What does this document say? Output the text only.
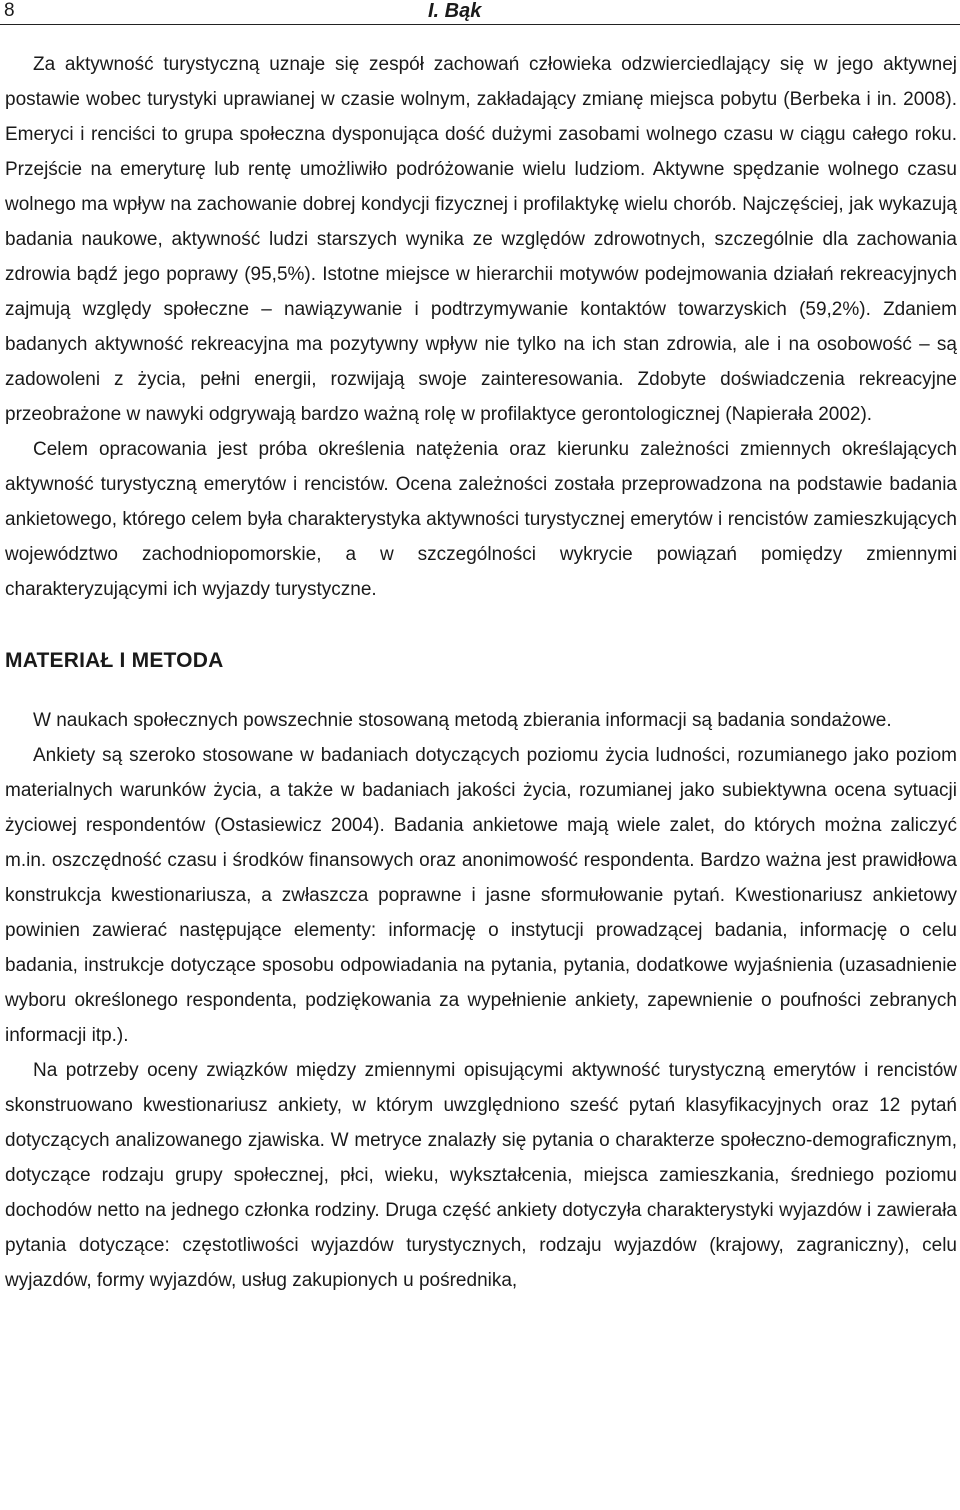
8	I. Bąk

Za aktywność turystyczną uznaje się zespół zachowań człowieka odzwierciedlający się w jego aktywnej postawie wobec turystyki uprawianej w czasie wolnym, zakładający zmianę miejsca pobytu (Berbeka i in. 2008). Emeryci i renciści to grupa społeczna dysponująca dość dużymi zasobami wolnego czasu w ciągu całego roku. Przejście na emeryturę lub rentę umożliwiło podróżowanie wielu ludziom. Aktywne spędzanie wolnego czasu wolnego ma wpływ na zachowanie dobrej kondycji fizycznej i profilaktykę wielu chorób. Najczęściej, jak wykazują badania naukowe, aktywność ludzi starszych wynika ze względów zdrowotnych, szczególnie dla zachowania zdrowia bądź jego poprawy (95,5%). Istotne miejsce w hierarchii motywów podejmowania działań rekreacyjnych zajmują względy społeczne – nawiązywanie i podtrzymywanie kontaktów towarzyskich (59,2%). Zdaniem badanych aktywność rekreacyjna ma pozytywny wpływ nie tylko na ich stan zdrowia, ale i na osobowość – są zadowoleni z życia, pełni energii, rozwijają swoje zainteresowania. Zdobyte doświadczenia rekreacyjne przeobrażone w nawyki odgrywają bardzo ważną rolę w profilaktyce gerontologicznej (Napierała 2002).

Celem opracowania jest próba określenia natężenia oraz kierunku zależności zmiennych określających aktywność turystyczną emerytów i rencistów. Ocena zależności została przeprowadzona na podstawie badania ankietowego, którego celem była charakterystyka aktywności turystycznej emerytów i rencistów zamieszkujących województwo zachodniopomorskie, a w szczególności wykrycie powiązań pomiędzy zmiennymi charakteryzującymi ich wyjazdy turystyczne.

MATERIAŁ I METODA

W naukach społecznych powszechnie stosowaną metodą zbierania informacji są badania sondażowe.

Ankiety są szeroko stosowane w badaniach dotyczących poziomu życia ludności, rozumianego jako poziom materialnych warunków życia, a także w badaniach jakości życia, rozumianej jako subiektywna ocena sytuacji życiowej respondentów (Ostasiewicz 2004). Badania ankietowe mają wiele zalet, do których można zaliczyć m.in. oszczędność czasu i środków finansowych oraz anonimowość respondenta. Bardzo ważna jest prawidłowa konstrukcja kwestionariusza, a zwłaszcza poprawne i jasne sformułowanie pytań. Kwestionariusz ankietowy powinien zawierać następujące elementy: informację o instytucji prowadzącej badania, informację o celu badania, instrukcje dotyczące sposobu odpowiadania na pytania, pytania, dodatkowe wyjaśnienia (uzasadnienie wyboru określonego respondenta, podziękowania za wypełnienie ankiety, zapewnienie o poufności zebranych informacji itp.).

Na potrzeby oceny związków między zmiennymi opisującymi aktywność turystyczną emerytów i rencistów skonstruowano kwestionariusz ankiety, w którym uwzględniono sześć pytań klasyfikacyjnych oraz 12 pytań dotyczących analizowanego zjawiska. W metryce znalazły się pytania o charakterze społeczno-demograficznym, dotyczące rodzaju grupy społecznej, płci, wieku, wykształcenia, miejsca zamieszkania, średniego poziomu dochodów netto na jednego członka rodziny. Druga część ankiety dotyczyła charakterystyki wyjazdów i zawierała pytania dotyczące: częstotliwości wyjazdów turystycznych, rodzaju wyjazdów (krajowy, zagraniczny), celu wyjazdów, formy wyjazdów, usług zakupionych u pośrednika,
